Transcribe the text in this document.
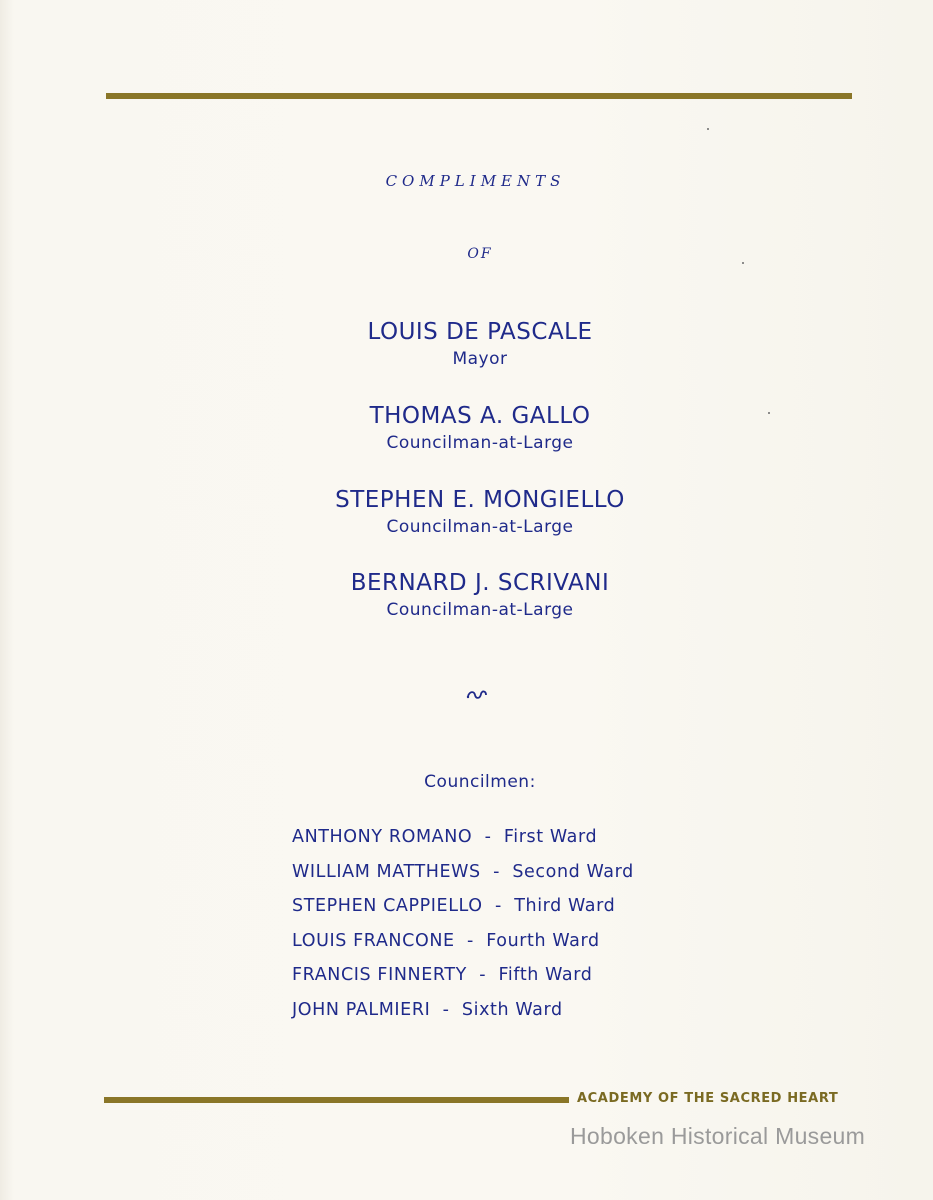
COMPLIMENTS
OF
LOUIS DE PASCALE
Mayor
THOMAS A. GALLO
Councilman-at-Large
STEPHEN E. MONGIELLO
Councilman-at-Large
BERNARD J. SCRIVANI
Councilman-at-Large
Councilmen:
ANTHONY ROMANO  -  First Ward
WILLIAM MATTHEWS  -  Second Ward
STEPHEN CAPPIELLO  -  Third Ward
LOUIS FRANCONE  -  Fourth Ward
FRANCIS FINNERTY  -  Fifth Ward
JOHN PALMIERI  -  Sixth Ward
ACADEMY OF THE SACRED HEART
Hoboken Historical Museum
